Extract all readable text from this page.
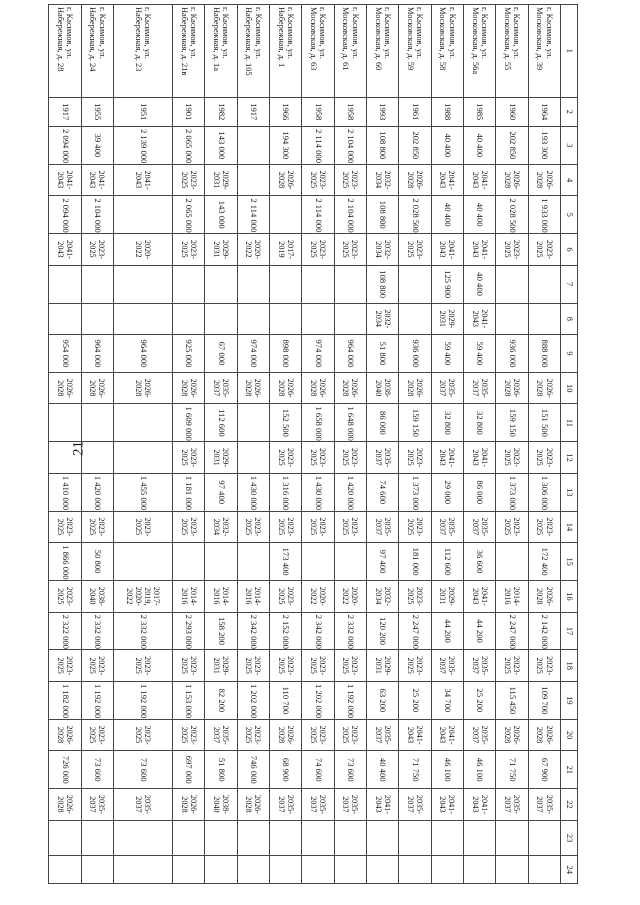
21
1	2	3	4	5	6	7	8	9	10	11	12	13	14	15	16	17	18	19	20	21	22	23	24
г. Касимов, ул. Московская, д. 39	1964	193 300	2026-2028	1 933 000	2023-2025			888 000	2026-2028	151 500	2023-2025	1 306 000	2023-2025	172 400	2026-2028	2 142 000	2023-2025	109 700	2026-2028	67 900	2035-2037		
г. Касимов, ул. Московская, д. 55	1960	202 850	2026-2028	2 028 500	2023-2025			936 000	2026-2028	159 150	2023-2025	1 373 000	2023-2025		2014-2016	2 247 000	2023-2025	115 450	2026-2028	71 750	2035-2037		
г. Касимов, ул. Московская, д. 56а	1985	40 400	2041-2043	40 400	2041-2043	40 400	2041-2043	59 400	2035-2037	32 800	2041-2043	86 000	2035-2037	36 600	2041-2043	44 200	2035-2037	25 200	2035-2037	46 100	2041-2043		
г. Касимов, ул. Московская, д. 58	1988	40 400	2041-2043	40 400	2041-2043	125 900	2029-2031	59 400	2035-2037	32 800	2041-2043	29 000	2035-2037	112 600	2029-2031	44 200	2035-2037	34 700	2041-2043	46 100	2041-2043		
г. Касимов, ул. Московская, д. 59	1961	202 850	2026-2028	2 028 500	2023-2025			936 000	2026-2028	159 150	2023-2025	1 373 000	2023-2025	181 000	2023-2025	2 247 000	2023-2025	25 200	2041-2043	71 750	2035-2037		
г. Касимов, ул. Московская, д. 60	1993	108 800	2032-2034	108 800	2032-2034	108 800	2032-2034	51 800	2038-2040	86 000	2035-2037	74 600	2035-2037	97 400	2032-2034	120 200	2029-2031	63 200	2035-2037	40 400	2041-2043		
г. Касимов, ул. Московская, д. 61	1958	2 104 000	2023-2025	2 104 000	2023-2025			964 000	2026-2028	1 648 000	2023-2025	1 420 000	2023-2025		2020-2022	2 332 000	2023-2025	1 192 000	2023-2025	73 600	2035-2037		
г. Касимов, ул. Московская, д. 63	1958	2 114 000	2023-2025	2 114 000	2023-2025			974 000	2026-2028	1 658 000	2023-2025	1 430 000	2023-2025		2020-2022	2 342 000	2023-2025	1 202 000	2023-2025	74 600	2035-2037		
г. Касимов, ул. Набережная, д. 1	1966	194 300	2026-2028		2017-2019			898 000	2026-2028	152 500	2023-2025	1 316 000	2023-2025	173 400	2023-2025	2 152 000	2023-2025	110 700	2026-2028	68 900	2035-2037		
г. Касимов, ул. Набережная, д. 105	1917			2 114 000	2020-2022			974 000	2026-2028			1 430 000	2023-2025		2014-2016	2 342 000	2023-2025	1 202 000	2023-2025	746 000	2026-2028		
г. Касимов, ул. Набережная, д. 1а	1982	143 000	2029-2031	143 000	2029-2031			67 000	2035-2037	112 600	2029-2031	97 400	2032-2034		2014-2016	158 200	2029-2031	82 200	2035-2037	51 800	2038-2040		
г. Касимов, ул. Набережная, д. 21в	1901	2 065 000	2023-2025	2 065 000	2023-2025			925 000	2026-2028	1 609 000	2023-2025	1 181 000	2023-2025		2014-2016	2 293 000	2023-2025	1 153 000	2023-2025	697 000	2026-2028		
г. Касимов, ул. Набережная, д. 23	1951	2 139 000	2041-2043		2020-2022			964 000	2026-2028			1 455 000	2023-2025		2017-2019, 2020-2022	2 332 000	2023-2025	1 192 000	2023-2025	73 600	2035-2037		
г. Касимов, ул. Набережная, д. 24	1955	39 400	2041-2043	2 104 000	2023-2025			964 000	2026-2028			1 420 000	2023-2025	50 800	2038-2040	2 332 000	2023-2025	1 192 000	2023-2025	73 600	2035-2037		
г. Касимов, ул. Набережная, д. 28	1917	2 094 000	2041-2043	2 094 000	2041-2043			954 000	2026-2028			1 410 000	2023-2025	1 866 000	2023-2025	2 322 000	2023-2025	1 182 000	2026-2028	726 000	2026-2028		
